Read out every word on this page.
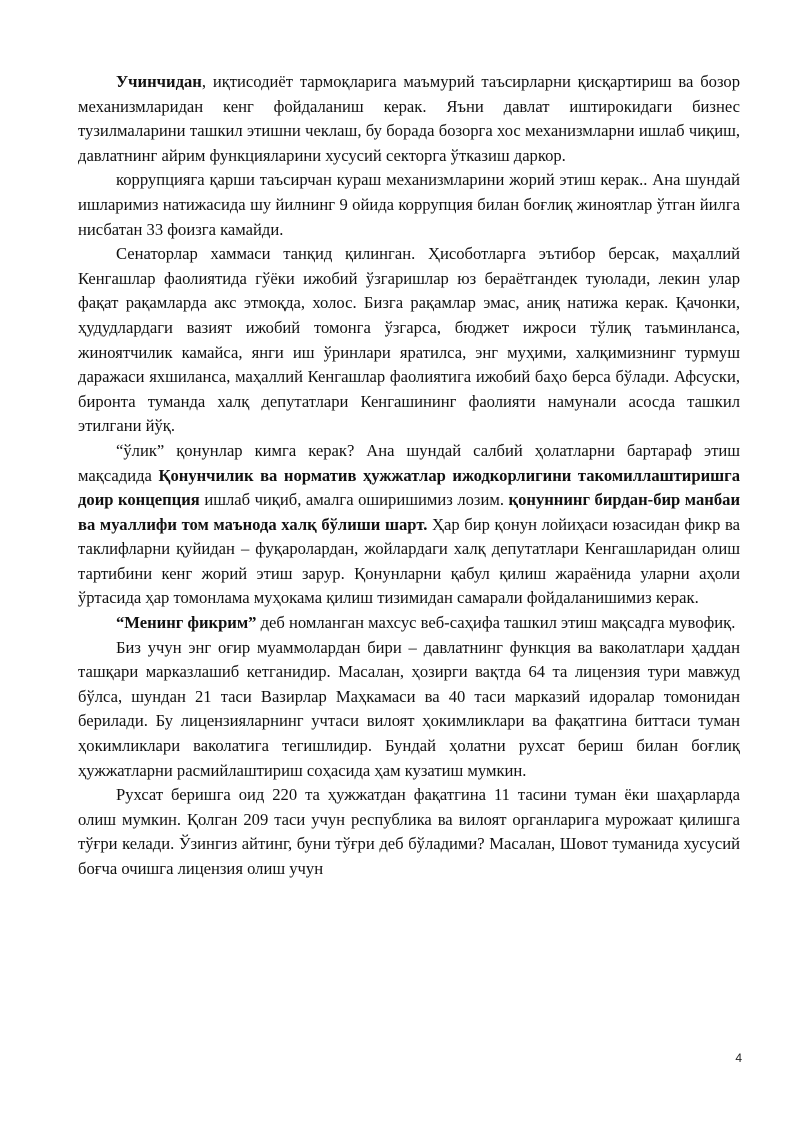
Учинчидан, иқтисодиёт тармоқларига маъмурий таъсирларни қисқартириш ва бозор механизмларидан кенг фойдаланиш керак. Яъни давлат иштирокидаги бизнес тузилмаларини ташкил этишни чеклаш, бу борада бозорга хос механизмларни ишлаб чиқиш, давлатнинг айрим функцияларини хусусий секторга ўтказиш даркор.

коррупцияга қарши таъсирчан кураш механизмларини жорий этиш керак.. Ана шундай ишларимиз натижасида шу йилнинг 9 ойида коррупция билан боғлиқ жиноятлар ўтган йилга нисбатан 33 фоизга камайди.

Сенаторлар хаммаси танқид қилинган. Ҳисоботларга эътибор берсак, маҳаллий Кенгашлар фаолиятида гўёки ижобий ўзгаришлар юз бераётгандек туюлади, лекин улар фақат рақамларда акс этмоқда, холос. Бизга рақамлар эмас, аниқ натижа керак. Қачонки, ҳудудлардаги вазият ижобий томонга ўзгарса, бюджет ижроси тўлиқ таъминланса, жиноятчилик камайса, янги иш ўринлари яратилса, энг муҳими, халқимизнинг турмуш даражаси яхшиланса, маҳаллий Кенгашлар фаолиятига ижобий баҳо берса бўлади. Афсуски, биронта туманда халқ депутатлари Кенгашининг фаолияти намунали асосда ташкил этилгани йўқ.

“ўлик” қонунлар кимга керак? Ана шундай салбий ҳолатларни бартараф этиш мақсадида Қонунчилик ва норматив ҳужжатлар ижодкорлигини такомиллаштиришга доир концепция ишлаб чиқиб, амалга оширишимиз лозим. қонуннинг бирдан-бир манбаи ва муаллифи том маънода халқ бўлиши шарт. Ҳар бир қонун лойиҳаси юзасидан фикр ва таклифларни қуйидан – фуқаролардан, жойлардаги халқ депутатлари Кенгашларидан олиш тартибини кенг жорий этиш зарур. Қонунларни қабул қилиш жараёнида уларни аҳоли ўртасида ҳар томонлама муҳокама қилиш тизимидан самарали фойдаланишимиз керак.

“Менинг фикрим” деб номланган махсус веб-саҳифа ташкил этиш мақсадга мувофиқ.

Биз учун энг оғир муаммолардан бири – давлатнинг функция ва ваколатлари ҳаддан ташқари марказлашиб кетганидир. Масалан, ҳозирги вақтда 64 та лицензия тури мавжуд бўлса, шундан 21 таси Вазирлар Маҳкамаси ва 40 таси марказий идоралар томонидан берилади. Бу лицензияларнинг учтаси вилоят ҳокимликлари ва фақатгина биттаси туман ҳокимликлари ваколатига тегишлидир. Бундай ҳолатни рухсат бериш билан боғлиқ ҳужжатларни расмийлаштириш соҳасида ҳам кузатиш мумкин.

Рухсат беришга оид 220 та ҳужжатдан фақатгина 11 тасини туман ёки шаҳарларда олиш мумкин. Қолган 209 таси учун республика ва вилоят органларига мурожаат қилишга тўғри келади. Ўзингиз айтинг, буни тўғри деб бўладими? Масалан, Шовот туманида хусусий боғча очишга лицензия олиш учун

4
